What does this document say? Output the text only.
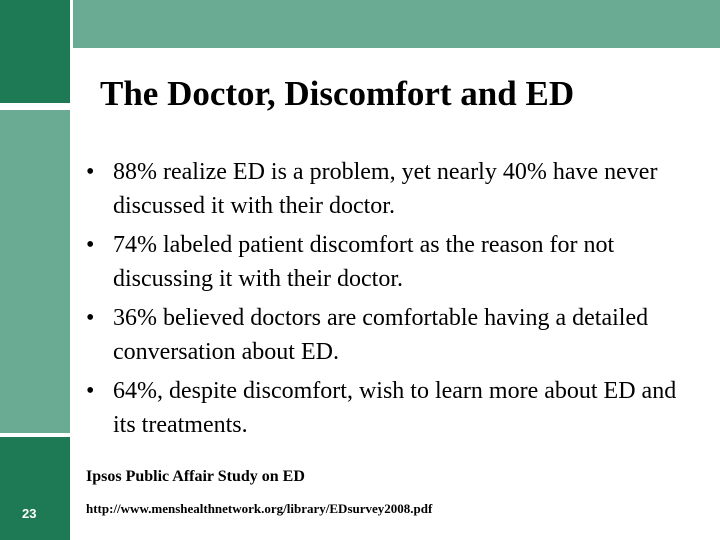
The Doctor, Discomfort and ED
• 88% realize ED is a problem, yet nearly 40% have never discussed it with their doctor.
• 74% labeled patient discomfort as the reason for not discussing it with their doctor.
• 36% believed doctors are comfortable having a detailed conversation about ED.
• 64%, despite discomfort, wish to learn more about ED and its treatments.
Ipsos Public Affair Study on ED
http://www.menshealthnetwork.org/library/EDsurvey2008.pdf
23
